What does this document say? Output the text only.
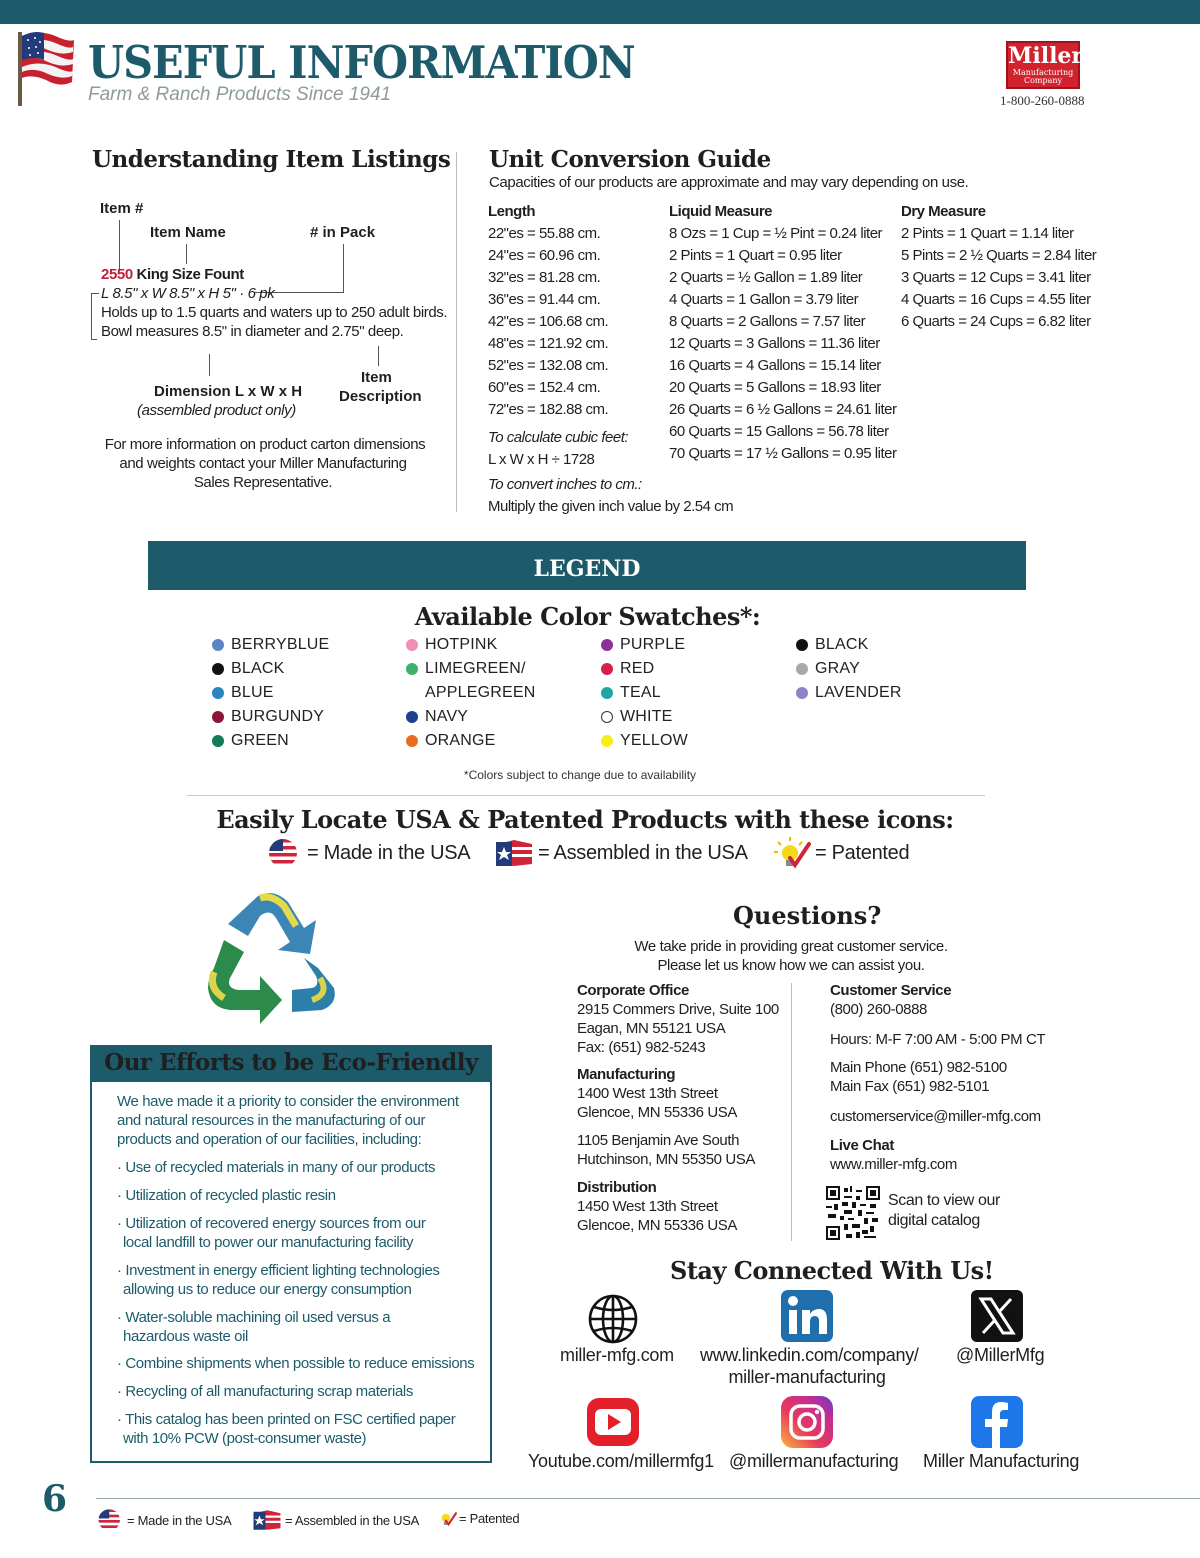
USEFUL INFORMATION
Farm & Ranch Products Since 1941
Miller
Manufacturing
Company
1-800-260-0888
Understanding Item Listings
Item #
Item Name	# in Pack
2550 King Size Fount
L 8.5" x W 8.5" x H 5" · 6 pk
Holds up to 1.5 quarts and waters up to 250 adult birds.
Bowl measures 8.5" in diameter and 2.75" deep.
Dimension L x W x H
(assembled product only)
Item
Description
For more information on product carton dimensions
and weights contact your Miller Manufacturing
Sales Representative.
Unit Conversion Guide
Capacities of our products are approximate and may vary depending on use.
Length
22"es = 55.88 cm.
24"es = 60.96 cm.
32"es = 81.28 cm.
36"es = 91.44 cm.
42"es = 106.68 cm.
48"es = 121.92 cm.
52"es = 132.08 cm.
60"es = 152.4 cm.
72"es = 182.88 cm.
To calculate cubic feet:
L x W x H ÷ 1728
To convert inches to cm.:
Multiply the given inch value by 2.54 cm
Liquid Measure
8 Ozs = 1 Cup = ½ Pint = 0.24 liter
2 Pints = 1 Quart = 0.95 liter
2 Quarts = ½ Gallon = 1.89 liter
4 Quarts = 1 Gallon = 3.79 liter
8 Quarts = 2 Gallons = 7.57 liter
12 Quarts = 3 Gallons = 11.36 liter
16 Quarts = 4 Gallons = 15.14 liter
20 Quarts = 5 Gallons = 18.93 liter
26 Quarts = 6 ½ Gallons = 24.61 liter
60 Quarts = 15 Gallons = 56.78 liter
70 Quarts = 17 ½ Gallons = 0.95 liter
Dry Measure
2 Pints = 1 Quart = 1.14 liter
5 Pints = 2 ½ Quarts = 2.84 liter
3 Quarts = 12 Cups = 3.41 liter
4 Quarts = 16 Cups = 4.55 liter
6 Quarts = 24 Cups = 6.82 liter
LEGEND
Available Color Swatches*:
BERRYBLUE
BLACK
BLUE
BURGUNDY
GREEN
HOTPINK
LIMEGREEN/
APPLEGREEN
NAVY
ORANGE
PURPLE
RED
TEAL
WHITE
YELLOW
BLACK
GRAY
LAVENDER
*Colors subject to change due to availability
Easily Locate USA & Patented Products with these icons:
= Made in the USA	= Assembled in the USA	= Patented
Our Efforts to be Eco-Friendly
We have made it a priority to consider the environment
and natural resources in the manufacturing of our
products and operation of our facilities, including:
· Use of recycled materials in many of our products
· Utilization of recycled plastic resin
· Utilization of recovered energy sources from our
local landfill to power our manufacturing facility
· Investment in energy efficient lighting technologies
allowing us to reduce our energy consumption
· Water-soluble machining oil used versus a
hazardous waste oil
· Combine shipments when possible to reduce emissions
· Recycling of all manufacturing scrap materials
· This catalog has been printed on FSC certified paper
with 10% PCW (post-consumer waste)
Questions?
We take pride in providing great customer service.
Please let us know how we can assist you.
Corporate Office
2915 Commers Drive, Suite 100
Eagan, MN 55121 USA
Fax: (651) 982-5243
Manufacturing
1400 West 13th Street
Glencoe, MN 55336 USA
1105 Benjamin Ave South
Hutchinson, MN 55350 USA
Distribution
1450 West 13th Street
Glencoe, MN 55336 USA
Customer Service
(800) 260-0888
Hours: M-F 7:00 AM - 5:00 PM CT
Main Phone (651) 982-5100
Main Fax (651) 982-5101
customerservice@miller-mfg.com
Live Chat
www.miller-mfg.com
Scan to view our
digital catalog
Stay Connected With Us!
miller-mfg.com www.linkedin.com/company/
miller-manufacturing
@MillerMfg
Youtube.com/millermfg1 @millermanufacturing Miller Manufacturing
6	= Made in the USA	= Assembled in the USA	= Patented
